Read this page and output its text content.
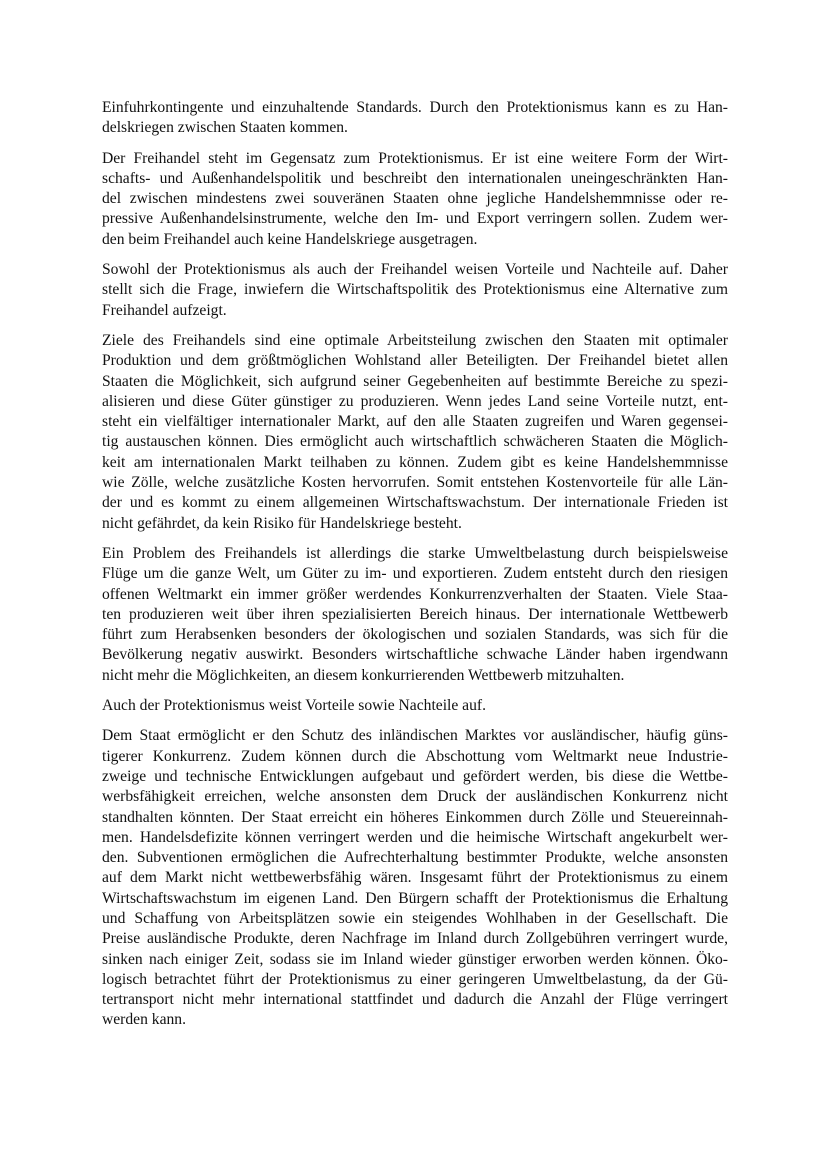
Einfuhrkontingente und einzuhaltende Standards. Durch den Protektionismus kann es zu Han-
delskriegen zwischen Staaten kommen.

Der Freihandel steht im Gegensatz zum Protektionismus. Er ist eine weitere Form der Wirt-
schafts- und Außenhandelspolitik und beschreibt den internationalen uneingeschränkten Han-
del zwischen mindestens zwei souveränen Staaten ohne jegliche Handelshemmnisse oder re-
pressive Außenhandelsinstrumente, welche den Im- und Export verringern sollen. Zudem wer-
den beim Freihandel auch keine Handelskriege ausgetragen.

Sowohl der Protektionismus als auch der Freihandel weisen Vorteile und Nachteile auf. Daher
stellt sich die Frage, inwiefern die Wirtschaftspolitik des Protektionismus eine Alternative zum
Freihandel aufzeigt.

Ziele des Freihandels sind eine optimale Arbeitsteilung zwischen den Staaten mit optimaler
Produktion und dem größtmöglichen Wohlstand aller Beteiligten. Der Freihandel bietet allen
Staaten die Möglichkeit, sich aufgrund seiner Gegebenheiten auf bestimmte Bereiche zu spezi-
alisieren und diese Güter günstiger zu produzieren. Wenn jedes Land seine Vorteile nutzt, ent-
steht ein vielfältiger internationaler Markt, auf den alle Staaten zugreifen und Waren gegensei-
tig austauschen können. Dies ermöglicht auch wirtschaftlich schwächeren Staaten die Möglich-
keit am internationalen Markt teilhaben zu können. Zudem gibt es keine Handelshemmnisse
wie Zölle, welche zusätzliche Kosten hervorrufen. Somit entstehen Kostenvorteile für alle Län-
der und es kommt zu einem allgemeinen Wirtschaftswachstum. Der internationale Frieden ist
nicht gefährdet, da kein Risiko für Handelskriege besteht.

Ein Problem des Freihandels ist allerdings die starke Umweltbelastung durch beispielsweise
Flüge um die ganze Welt, um Güter zu im- und exportieren. Zudem entsteht durch den riesigen
offenen Weltmarkt ein immer größer werdendes Konkurrenzverhalten der Staaten. Viele Staa-
ten produzieren weit über ihren spezialisierten Bereich hinaus. Der internationale Wettbewerb
führt zum Herabsenken besonders der ökologischen und sozialen Standards, was sich für die
Bevölkerung negativ auswirkt. Besonders wirtschaftliche schwache Länder haben irgendwann
nicht mehr die Möglichkeiten, an diesem konkurrierenden Wettbewerb mitzuhalten.

Auch der Protektionismus weist Vorteile sowie Nachteile auf.

Dem Staat ermöglicht er den Schutz des inländischen Marktes vor ausländischer, häufig güns-
tigerer Konkurrenz. Zudem können durch die Abschottung vom Weltmarkt neue Industrie-
zweige und technische Entwicklungen aufgebaut und gefördert werden, bis diese die Wettbe-
werbsfähigkeit erreichen, welche ansonsten dem Druck der ausländischen Konkurrenz nicht
standhalten könnten. Der Staat erreicht ein höheres Einkommen durch Zölle und Steuereinnah-
men. Handelsdefizite können verringert werden und die heimische Wirtschaft angekurbelt wer-
den. Subventionen ermöglichen die Aufrechterhaltung bestimmter Produkte, welche ansonsten
auf dem Markt nicht wettbewerbsfähig wären. Insgesamt führt der Protektionismus zu einem
Wirtschaftswachstum im eigenen Land. Den Bürgern schafft der Protektionismus die Erhaltung
und Schaffung von Arbeitsplätzen sowie ein steigendes Wohlhaben in der Gesellschaft. Die
Preise ausländische Produkte, deren Nachfrage im Inland durch Zollgebühren verringert wurde,
sinken nach einiger Zeit, sodass sie im Inland wieder günstiger erworben werden können. Öko-
logisch betrachtet führt der Protektionismus zu einer geringeren Umweltbelastung, da der Gü-
tertransport nicht mehr international stattfindet und dadurch die Anzahl der Flüge verringert
werden kann.
